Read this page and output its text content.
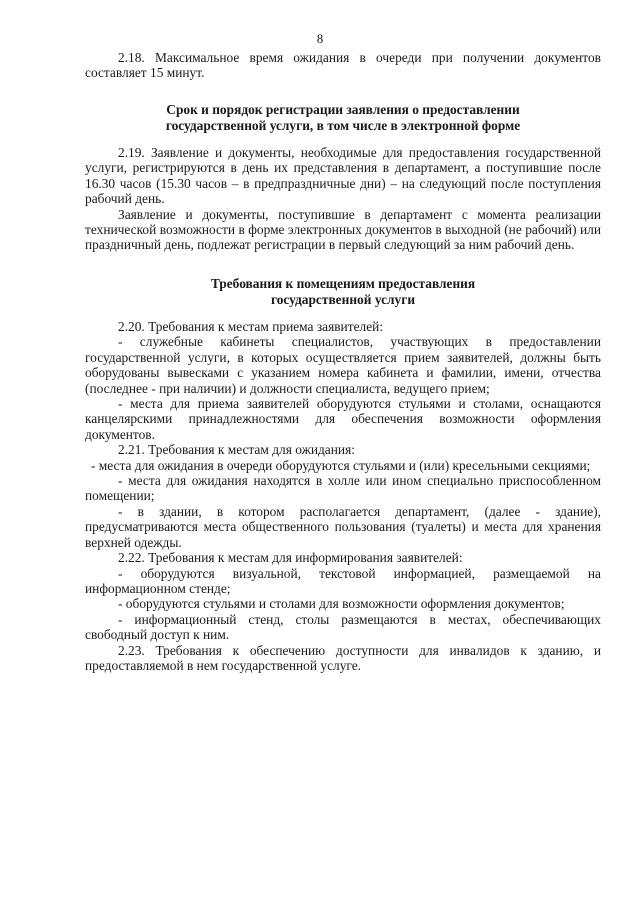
8

2.18. Максимальное время ожидания в очереди при получении документов составляет 15 минут.

Срок и порядок регистрации заявления о предоставлении
государственной услуги, в том числе в электронной форме

2.19. Заявление и документы, необходимые для предоставления государственной услуги, регистрируются в день их представления в департамент, а поступившие после 16.30 часов (15.30 часов – в предпраздничные дни) – на следующий после поступления рабочий день.

Заявление и документы, поступившие в департамент с момента реализации технической возможности в форме электронных документов в выходной (не рабочий) или праздничный день, подлежат регистрации в первый следующий за ним рабочий день.

Требования к помещениям предоставления
государственной услуги

2.20. Требования к местам приема заявителей:

- служебные кабинеты специалистов, участвующих в предоставлении государственной услуги, в которых осуществляется прием заявителей, должны быть оборудованы вывесками с указанием номера кабинета и фамилии, имени, отчества (последнее - при наличии) и должности специалиста, ведущего прием;

- места для приема заявителей оборудуются стульями и столами, оснащаются канцелярскими принадлежностями для обеспечения возможности оформления документов.

2.21. Требования к местам для ожидания:

- места для ожидания в очереди оборудуются стульями и (или) кресельными секциями;

- места для ожидания находятся в холле или ином специально приспособленном помещении;

- в здании, в котором располагается департамент, (далее - здание), предусматриваются места общественного пользования (туалеты) и места для хранения верхней одежды.

2.22. Требования к местам для информирования заявителей:

- оборудуются визуальной, текстовой информацией, размещаемой на информационном стенде;

- оборудуются стульями и столами для возможности оформления документов;

- информационный стенд, столы размещаются в местах, обеспечивающих свободный доступ к ним.

2.23. Требования к обеспечению доступности для инвалидов к зданию, и предоставляемой в нем государственной услуге.
